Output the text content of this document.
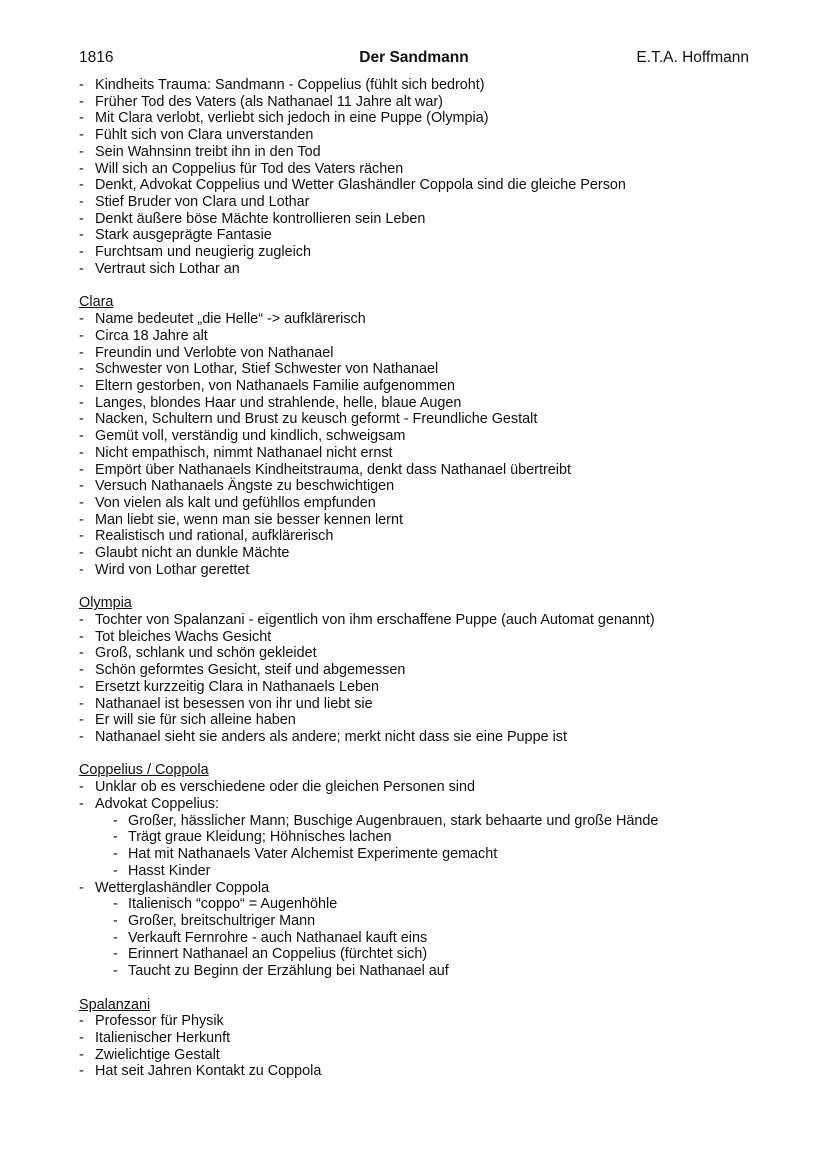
1816	Der Sandmann	E.T.A. Hoffmann
- Kindheits Trauma: Sandmann - Coppelius (fühlt sich bedroht)
- Früher Tod des Vaters (als Nathanael 11 Jahre alt war)
- Mit Clara verlobt, verliebt sich jedoch in eine Puppe (Olympia)
- Fühlt sich von Clara unverstanden
- Sein Wahnsinn treibt ihn in den Tod
- Will sich an Coppelius für Tod des Vaters rächen
- Denkt, Advokat Coppelius und Wetter Glashändler Coppola sind die gleiche Person
- Stief Bruder von Clara und Lothar
- Denkt äußere böse Mächte kontrollieren sein Leben
- Stark ausgeprägte Fantasie
- Furchtsam und neugierig zugleich
- Vertraut sich Lothar an
Clara
- Name bedeutet „die Helle“ -> aufklärerisch
- Circa 18 Jahre alt
- Freundin und Verlobte von Nathanael
- Schwester von Lothar, Stief Schwester von Nathanael
- Eltern gestorben, von Nathanaels Familie aufgenommen
- Langes, blondes Haar und strahlende, helle, blaue Augen
- Nacken, Schultern und Brust zu keusch geformt - Freundliche Gestalt
- Gemüt voll, verständig und kindlich, schweigsam
- Nicht empathisch, nimmt Nathanael nicht ernst
- Empört über Nathanaels Kindheitstrauma, denkt dass Nathanael übertreibt
- Versuch Nathanaels Ängste zu beschwichtigen
- Von vielen als kalt und gefühllos empfunden
- Man liebt sie, wenn man sie besser kennen lernt
- Realistisch und rational, aufklärerisch
- Glaubt nicht an dunkle Mächte
- Wird von Lothar gerettet
Olympia
- Tochter von Spalanzani - eigentlich von ihm erschaffene Puppe (auch Automat genannt)
- Tot bleiches Wachs Gesicht
- Groß, schlank und schön gekleidet
- Schön geformtes Gesicht, steif und abgemessen
- Ersetzt kurzzeitig Clara in Nathanaels Leben
- Nathanael ist besessen von ihr und liebt sie
- Er will sie für sich alleine haben
- Nathanael sieht sie anders als andere; merkt nicht dass sie eine Puppe ist
Coppelius / Coppola
- Unklar ob es verschiedene oder die gleichen Personen sind
- Advokat Coppelius:
- Großer, hässlicher Mann; Buschige Augenbrauen, stark behaarte und große Hände
- Trägt graue Kleidung; Höhnisches lachen
- Hat mit Nathanaels Vater Alchemist Experimente gemacht
- Hasst Kinder
- Wetterglashändler Coppola
- Italienisch “coppo“ = Augenhöhle
- Großer, breitschultriger Mann
- Verkauft Fernrohre - auch Nathanael kauft eins
- Erinnert Nathanael an Coppelius (fürchtet sich)
- Taucht zu Beginn der Erzählung bei Nathanael auf
Spalanzani
- Professor für Physik
- Italienischer Herkunft
- Zwielichtige Gestalt
- Hat seit Jahren Kontakt zu Coppola
